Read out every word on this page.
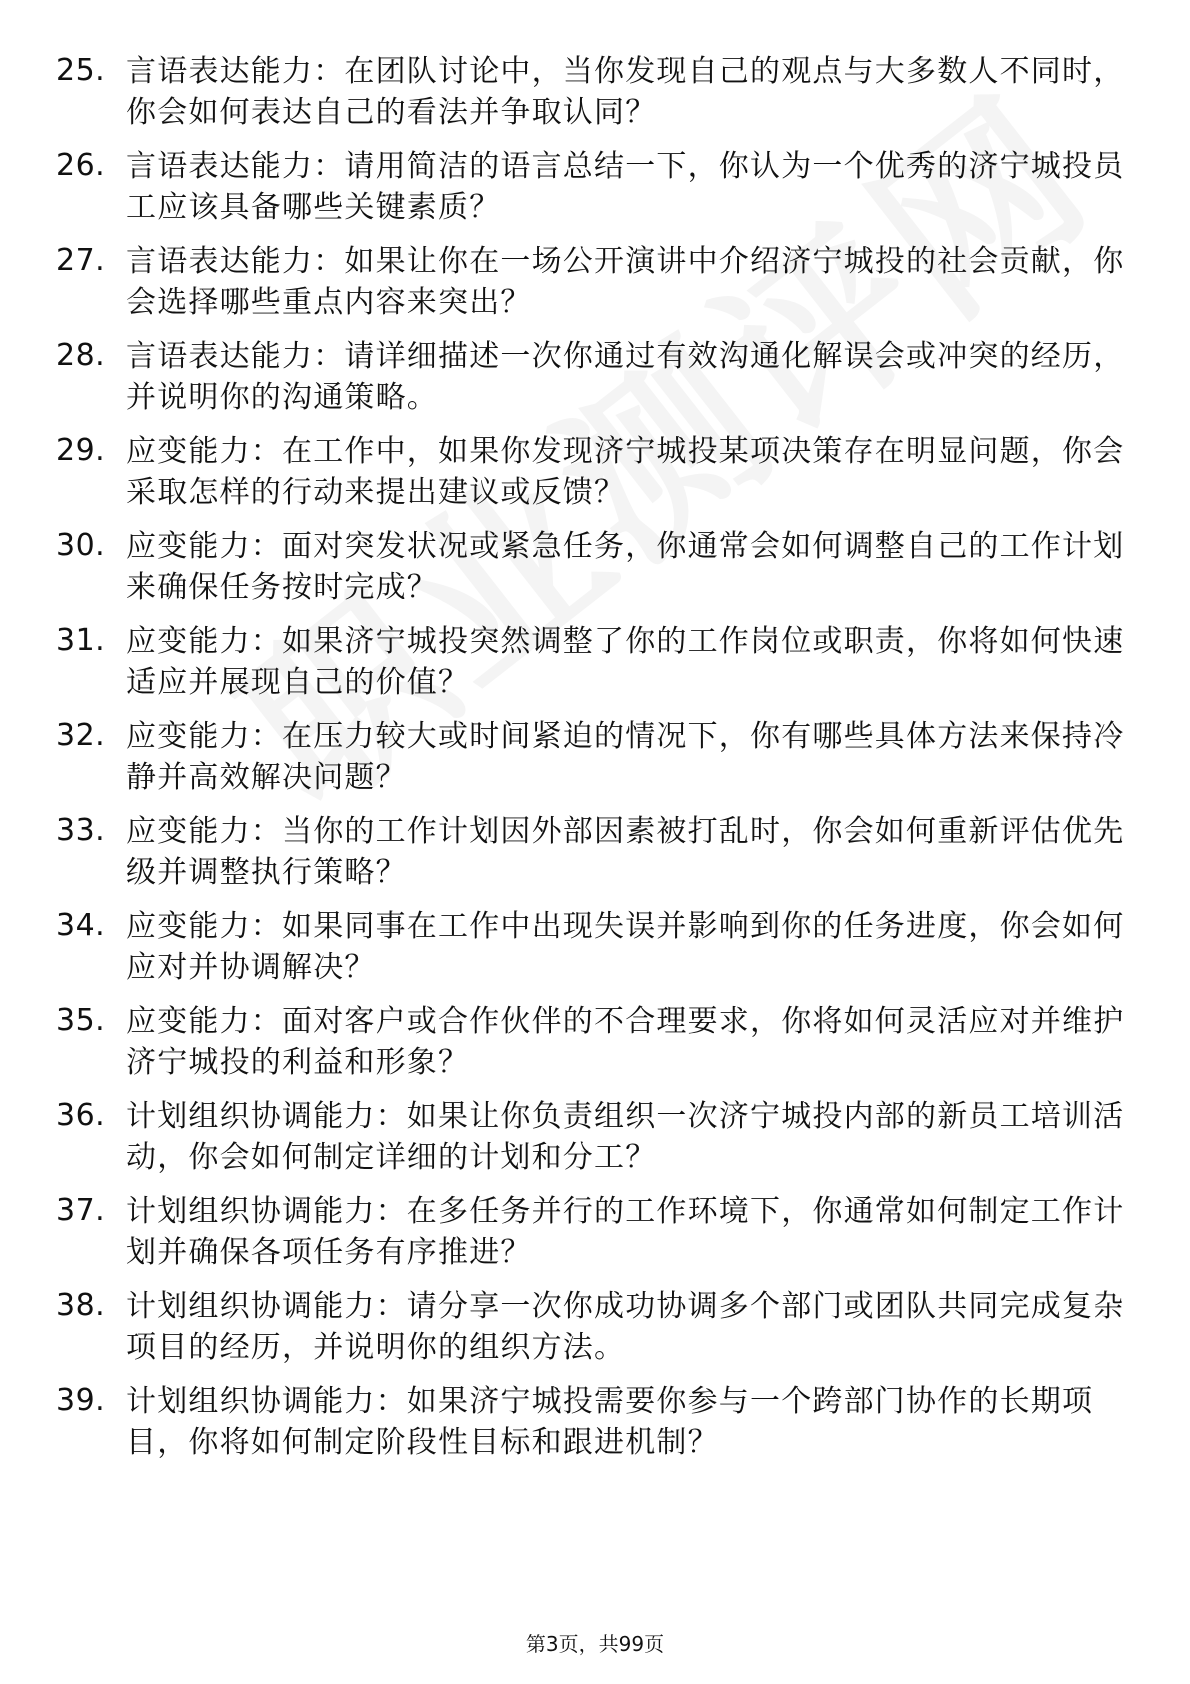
25. 言语表达能力：在团队讨论中，当你发现自己的观点与大多数人不同时，你会如何表达自己的看法并争取认同？
26. 言语表达能力：请用简洁的语言总结一下，你认为一个优秀的济宁城投员工应该具备哪些关键素质？
27. 言语表达能力：如果让你在一场公开演讲中介绍济宁城投的社会贡献，你会选择哪些重点内容来突出？
28. 言语表达能力：请详细描述一次你通过有效沟通化解误会或冲突的经历，并说明你的沟通策略。
29. 应变能力：在工作中，如果你发现济宁城投某项决策存在明显问题，你会采取怎样的行动来提出建议或反馈？
30. 应变能力：面对突发状况或紧急任务，你通常会如何调整自己的工作计划来确保任务按时完成？
31. 应变能力：如果济宁城投突然调整了你的工作岗位或职责，你将如何快速适应并展现自己的价值？
32. 应变能力：在压力较大或时间紧迫的情况下，你有哪些具体方法来保持冷静并高效解决问题？
33. 应变能力：当你的工作计划因外部因素被打乱时，你会如何重新评估优先级并调整执行策略？
34. 应变能力：如果同事在工作中出现失误并影响到你的任务进度，你会如何应对并协调解决？
35. 应变能力：面对客户或合作伙伴的不合理要求，你将如何灵活应对并维护济宁城投的利益和形象？
36. 计划组织协调能力：如果让你负责组织一次济宁城投内部的新员工培训活动，你会如何制定详细的计划和分工？
37. 计划组织协调能力：在多任务并行的工作环境下，你通常如何制定工作计划并确保各项任务有序推进？
38. 计划组织协调能力：请分享一次你成功协调多个部门或团队共同完成复杂项目的经历，并说明你的组织方法。
39. 计划组织协调能力：如果济宁城投需要你参与一个跨部门协作的长期项目，你将如何制定阶段性目标和跟进机制？
第3页，共99页
